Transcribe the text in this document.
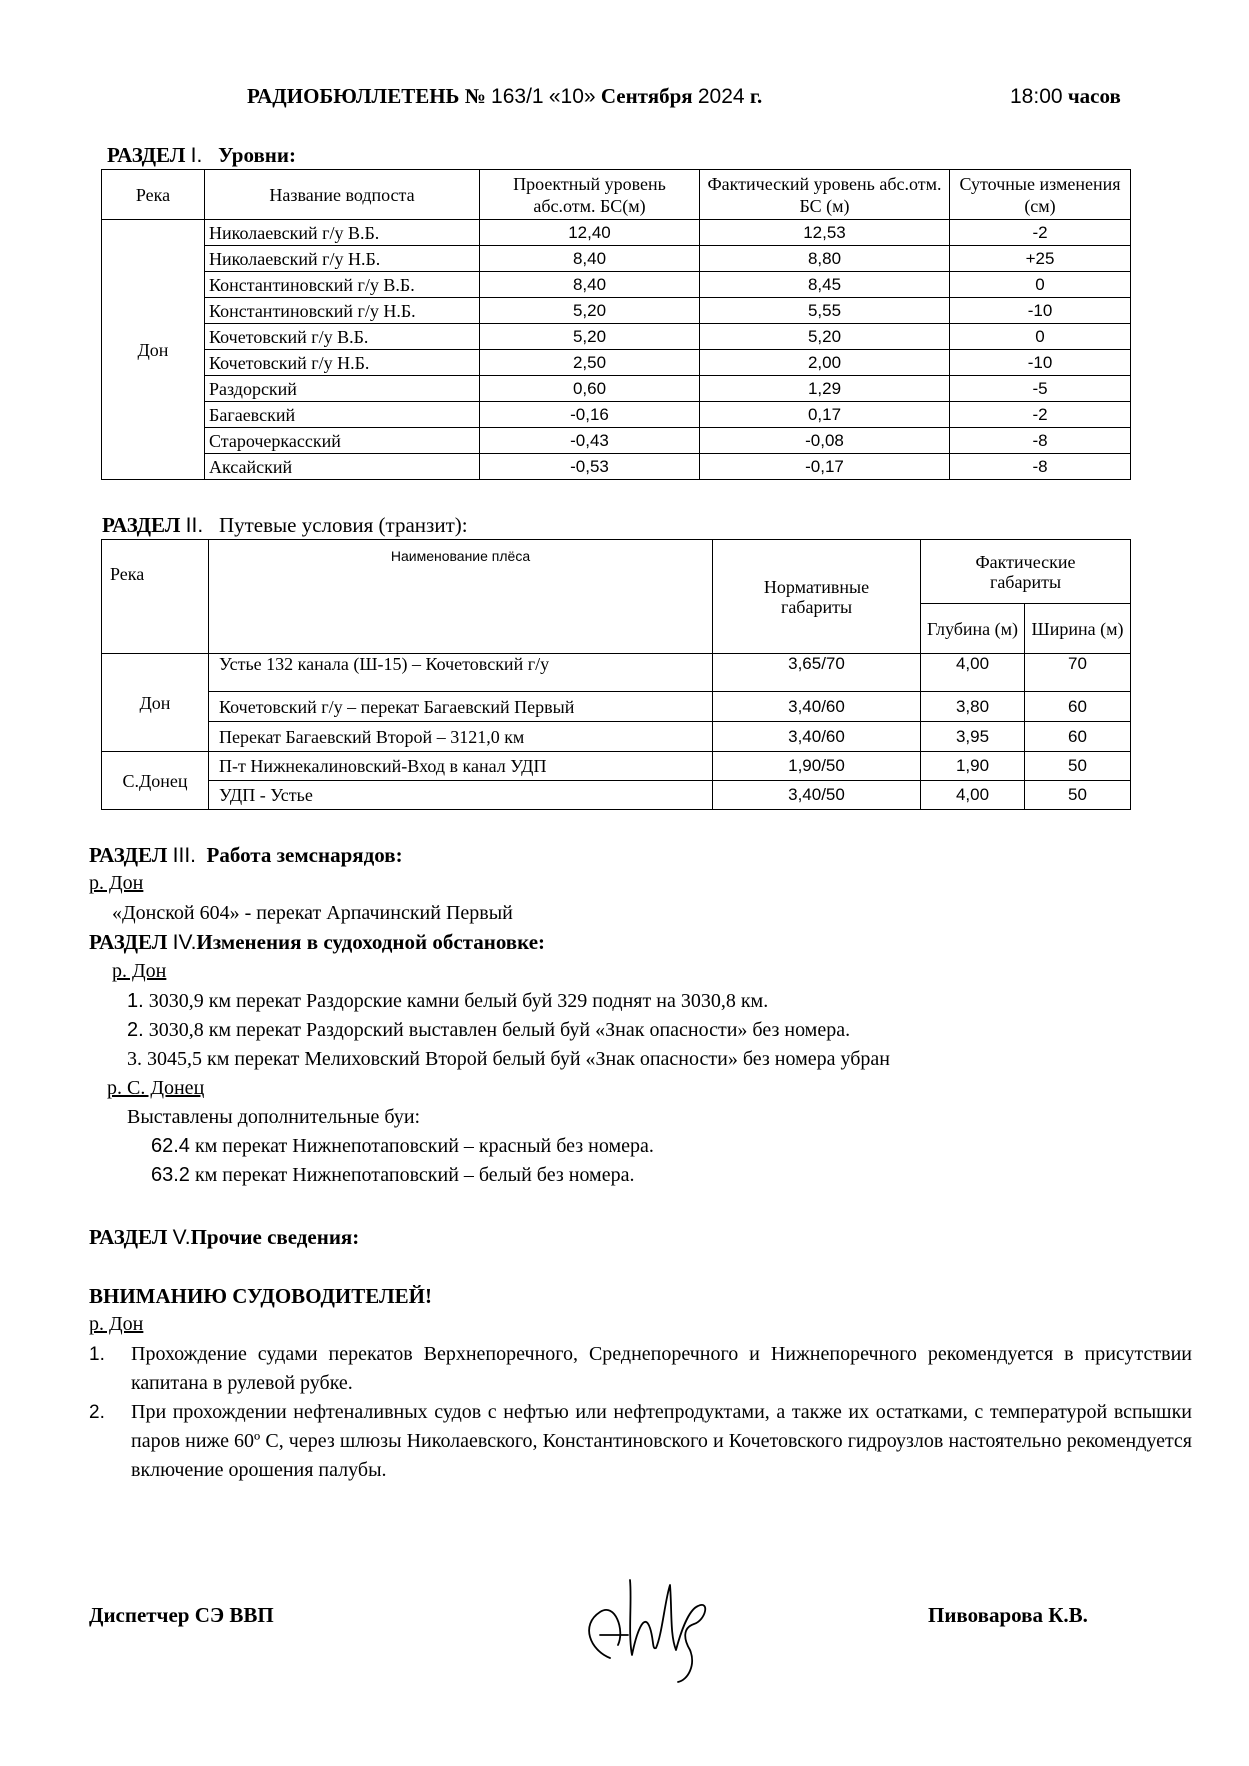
РАДИОБЮЛЛЕТЕНЬ № 163/1 «10» Сентября 2024 г.	18:00 часов
РАЗДЕЛ I. Уровни:
Река	Название водпоста	Проектный уровень абс.отм. БС(м)	Фактический уровень абс.отм. БС (м)	Суточные изменения (см)
Дон	Николаевский г/у В.Б.	12,40	12,53	-2
	Николаевский г/у Н.Б.	8,40	8,80	+25
	Константиновский г/у В.Б.	8,40	8,45	0
	Константиновский г/у Н.Б.	5,20	5,55	-10
	Кочетовский г/у В.Б.	5,20	5,20	0
	Кочетовский г/у Н.Б.	2,50	2,00	-10
	Раздорский	0,60	1,29	-5
	Багаевский	-0,16	0,17	-2
	Старочеркасский	-0,43	-0,08	-8
	Аксайский	-0,53	-0,17	-8
РАЗДЕЛ II. Путевые условия (транзит):
Река	Наименование плёса	Нормативные габариты	Фактические габариты	
			Глубина (м)	Ширина (м)
Дон	Устье 132 канала (Ш-15) – Кочетовский г/у	3,65/70	4,00	70
	Кочетовский г/у – перекат Багаевский Первый	3,40/60	3,80	60
	Перекат Багаевский Второй – 3121,0 км	3,40/60	3,95	60
С.Донец	П-т Нижнекалиновский-Вход в канал УДП	1,90/50	1,90	50
	УДП - Устье	3,40/50	4,00	50
РАЗДЕЛ III. Работа земснарядов:
р. Дон
«Донской 604» - перекат Арпачинский Первый
РАЗДЕЛ IV.Изменения в судоходной обстановке:
р. Дон
1. 3030,9 км перекат Раздорские камни белый буй 329 поднят на 3030,8 км.
2. 3030,8 км перекат Раздорский выставлен белый буй «Знак опасности» без номера.
3. 3045,5 км перекат Мелиховский Второй белый буй «Знак опасности» без номера убран
р. С. Донец
Выставлены дополнительные буи:
62.4 км перекат Нижнепотаповский – красный без номера.
63.2 км перекат Нижнепотаповский – белый без номера.
РАЗДЕЛ V.Прочие сведения:
ВНИМАНИЮ СУДОВОДИТЕЛЕЙ!
р. Дон
1.	Прохождение судами перекатов Верхнепоречного, Среднепоречного и Нижнепоречного рекомендуется в присутствии капитана в рулевой рубке.
2.	При прохождении нефтеналивных судов с нефтью или нефтепродуктами, а также их остатками, с температурой вспышки паров ниже 60º С, через шлюзы Николаевского, Константиновского и Кочетовского гидроузлов настоятельно рекомендуется включение орошения палубы.
Диспетчер СЭ ВВП	Пивоварова К.В.
